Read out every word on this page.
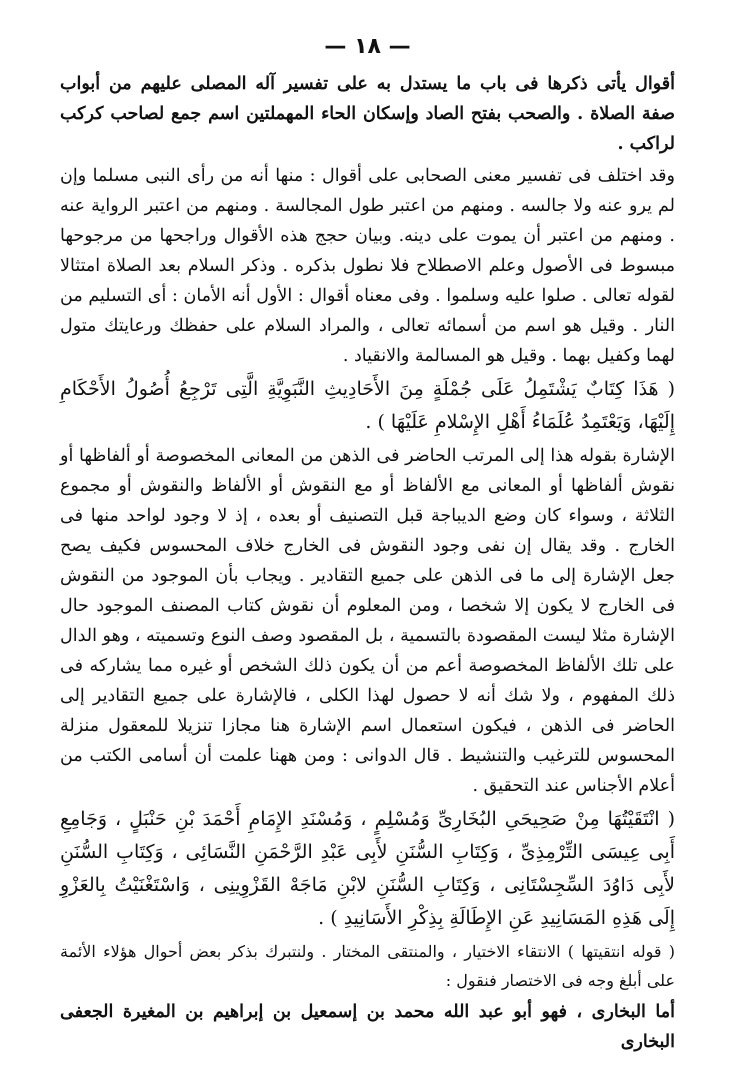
— ١٨ —

أقوال يأتى ذكرها فى باب ما يستدل به على تفسير آله المصلى عليهم من أبواب صفة الصلاة . والصحب بفتح الصاد وإسكان الحاء المهملتين اسم جمع لصاحب كركب لراكب .

وقد اختلف فى تفسير معنى الصحابى على أقوال : منها أنه من رأى النبى مسلما وإن لم يرو عنه ولا جالسه . ومنهم من اعتبر طول المجالسة . ومنهم من اعتبر الرواية عنه . ومنهم من اعتبر أن يموت على دينه. وبيان حجج هذه الأقوال وراجحها من مرجوحها مبسوط فى الأصول وعلم الاصطلاح فلا نطول بذكره . وذكر السلام بعد الصلاة امتثالا لقوله تعالى . صلوا عليه وسلموا . وفى معناه أقوال : الأول أنه الأمان : أى التسليم من النار . وقيل هو اسم من أسمائه تعالى ، والمراد السلام على حفظك ورعايتك متول لهما وكفيل بهما . وقيل هو المسالمة والانقياد .

( هَذَا كِتَابٌ يَشْتَمِلُ عَلَى جُمْلَةٍ مِنَ الأَحَادِيثِ النَّبَوِيَّةِ الَّتِى تَرْجِعُ أُصُولُ الأَحْكَامِ إِلَيْهَا، وَيَعْتَمِدُ عُلَمَاءُ أَهْلِ الإِسْلامِ عَلَيْهَا ) .

الإشارة بقوله هذا إلى المرتب الحاضر فى الذهن من المعانى المخصوصة أو ألفاظها أو نقوش ألفاظها أو المعانى مع الألفاظ أو مع النقوش أو الألفاظ والنقوش أو مجموع الثلاثة ، وسواء كان وضع الديباجة قبل التصنيف أو بعده ، إذ لا وجود لواحد منها فى الخارج . وقد يقال إن نفى وجود النقوش فى الخارج خلاف المحسوس فكيف يصح جعل الإشارة إلى ما فى الذهن على جميع التقادير . ويجاب بأن الموجود من النقوش فى الخارج لا يكون إلا شخصا ، ومن المعلوم أن نقوش كتاب المصنف الموجود حال الإشارة مثلا ليست المقصودة بالتسمية ، بل المقصود وصف النوع وتسميته ، وهو الدال على تلك الألفاظ المخصوصة أعم من أن يكون ذلك الشخص أو غيره مما يشاركه فى ذلك المفهوم ، ولا شك أنه لا حصول لهذا الكلى ، فالإشارة على جميع التقادير إلى الحاضر فى الذهن ، فيكون استعمال اسم الإشارة هنا مجازا تنزيلا للمعقول منزلة المحسوس للترغيب والتنشيط . قال الدوانى : ومن ههنا علمت أن أسامى الكتب من أعلام الأجناس عند التحقيق .

( انْتَقَيْتُهَا مِنْ صَحِيحَىِ البُخَارِىِّ وَمُسْلِمٍ ، وَمُسْنَدِ الإِمَامِ أَحْمَدَ بْنِ حَنْبَلٍ ، وَجَامِعِ أَبِى عِيسَى التِّرْمِذِىِّ ، وَكِتَابِ السُّنَنِ لأَبِى عَبْدِ الرَّحْمَنِ النَّسَائِى ، وَكِتَابِ السُّنَنِ لأَبِى دَاوُدَ السِّجِسْتَانِى ، وَكِتَابِ السُّنَنِ لابْنِ مَاجَهْ القَزْوِينِى ، وَاسْتَغْنَيْتُ بِالعَزْوِ إِلَى هَذِهِ المَسَانِيدِ عَنِ الإِطَالَةِ بِذِكْرِ الأَسَانِيدِ ) .

( قوله انتقيتها ) الانتقاء الاختيار ، والمنتقى المختار . ولنتبرك بذكر بعض أحوال هؤلاء الأئمة على أبلغ وجه فى الاختصار فنقول :

أما البخارى ، فهو أبو عبد الله محمد بن إسمعيل بن إبراهيم بن المغيرة الجعفى البخارى
